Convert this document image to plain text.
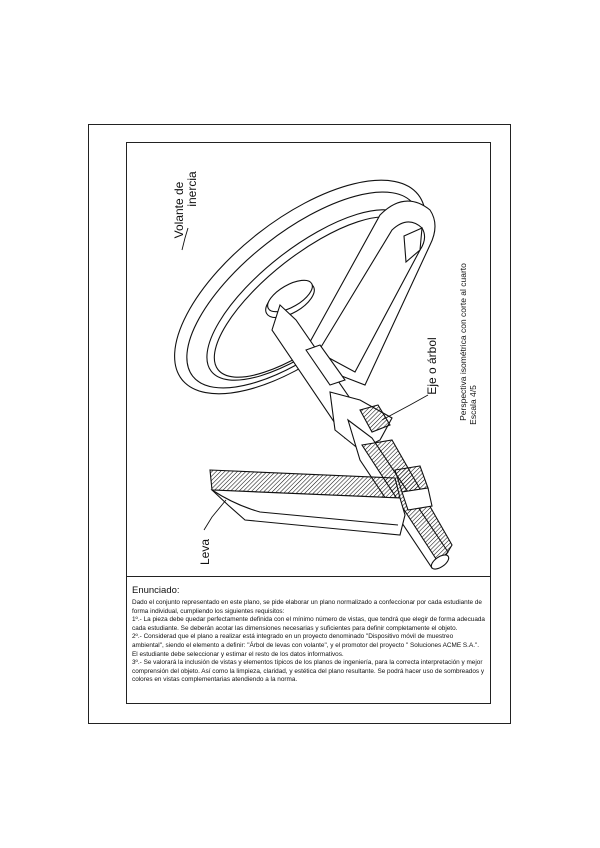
Volante de inercia
Eje o árbol
Leva
Perspectiva isométrica con corte al cuarto Escala 4/5
Enunciado:

Dado el conjunto representado en este plano, se pide elaborar un plano normalizado a confeccionar por cada estudiante de forma individual, cumpliendo los siguientes requisitos:

1º.- La pieza debe quedar perfectamente definida con el mínimo número de vistas, que tendrá que elegir de forma adecuada cada estudiante. Se deberán acotar las dimensiones necesarias y suficientes para definir completamente el objeto.

2º.- Considerad que el plano a realizar está integrado en un proyecto denominado "Dispositivo móvil de muestreo ambiental", siendo el elemento a definir: "Árbol de levas con volante", y el promotor del proyecto " Soluciones ACME S.A.". El estudiante debe seleccionar y estimar el resto de los datos informativos.

3º.- Se valorará la inclusión de vistas y elementos típicos de los planos de ingeniería, para la correcta interpretación y mejor comprensión del objeto. Así como la limpieza, claridad, y estética del plano resultante. Se podrá hacer uso de sombreados y colores en vistas complementarias atendiendo a la norma.
